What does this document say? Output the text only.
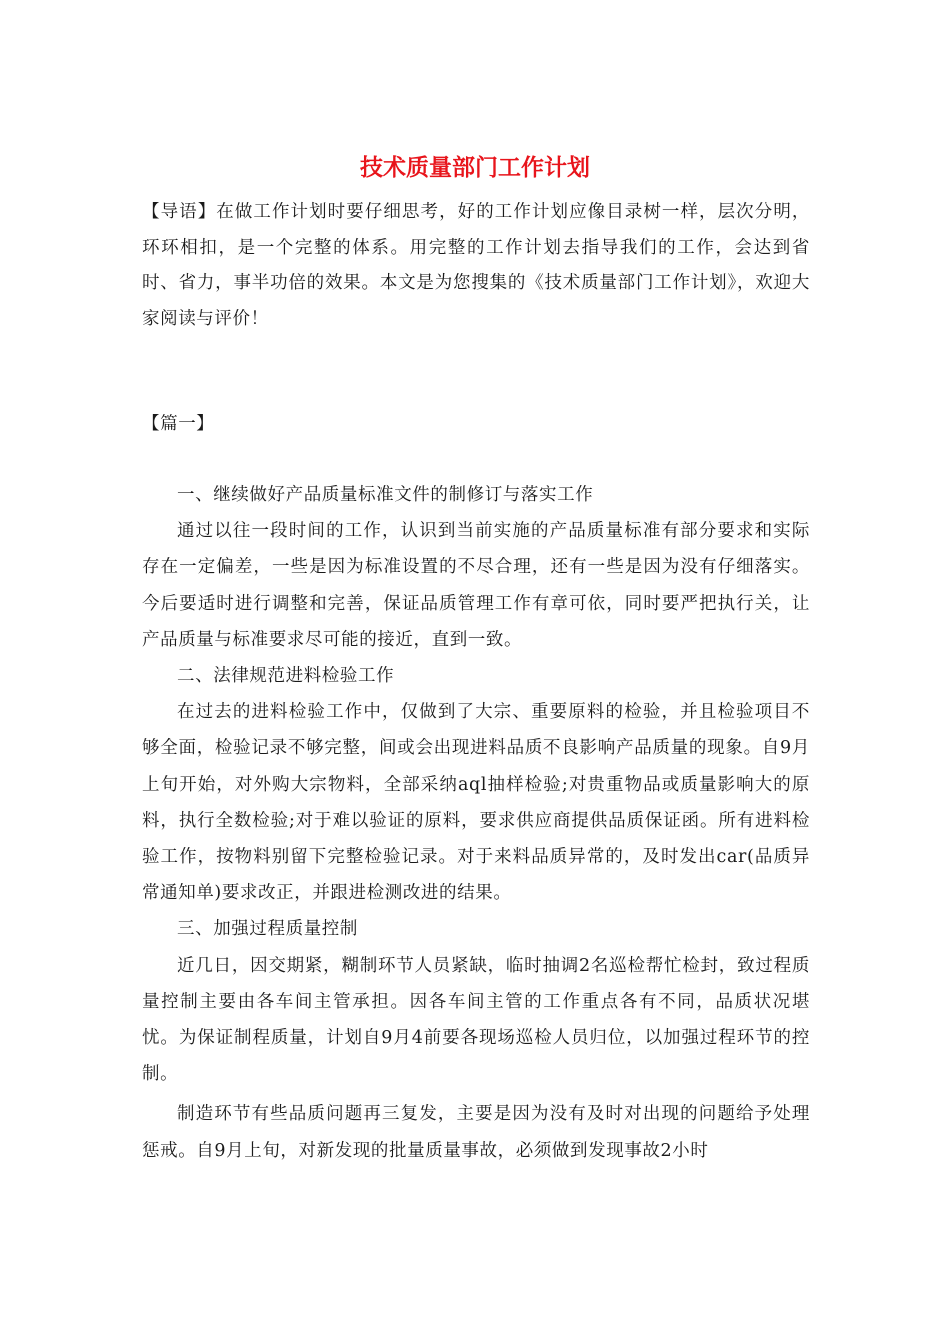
技术质量部门工作计划

【导语】在做工作计划时要仔细思考，好的工作计划应像目录树一样，层次分明，环环相扣，是一个完整的体系。用完整的工作计划去指导我们的工作，会达到省时、省力，事半功倍的效果。本文是为您搜集的《技术质量部门工作计划》，欢迎大家阅读与评价！

【篇一】

一、继续做好产品质量标准文件的制修订与落实工作

通过以往一段时间的工作，认识到当前实施的产品质量标准有部分要求和实际存在一定偏差，一些是因为标准设置的不尽合理，还有一些是因为没有仔细落实。今后要适时进行调整和完善，保证品质管理工作有章可依，同时要严把执行关，让产品质量与标准要求尽可能的接近，直到一致。

二、法律规范进料检验工作

在过去的进料检验工作中，仅做到了大宗、重要原料的检验，并且检验项目不够全面，检验记录不够完整，间或会出现进料品质不良影响产品质量的现象。自9月上旬开始，对外购大宗物料，全部采纳aql抽样检验;对贵重物品或质量影响大的原料，执行全数检验;对于难以验证的原料，要求供应商提供品质保证函。所有进料检验工作，按物料别留下完整检验记录。对于来料品质异常的，及时发出car(品质异常通知单)要求改正，并跟进检测改进的结果。

三、加强过程质量控制

近几日，因交期紧，糊制环节人员紧缺，临时抽调2名巡检帮忙检封，致过程质量控制主要由各车间主管承担。因各车间主管的工作重点各有不同，品质状况堪忧。为保证制程质量，计划自9月4前要各现场巡检人员归位，以加强过程环节的控制。

制造环节有些品质问题再三复发，主要是因为没有及时对出现的问题给予处理惩戒。自9月上旬，对新发现的批量质量事故，必须做到发现事故2小时
